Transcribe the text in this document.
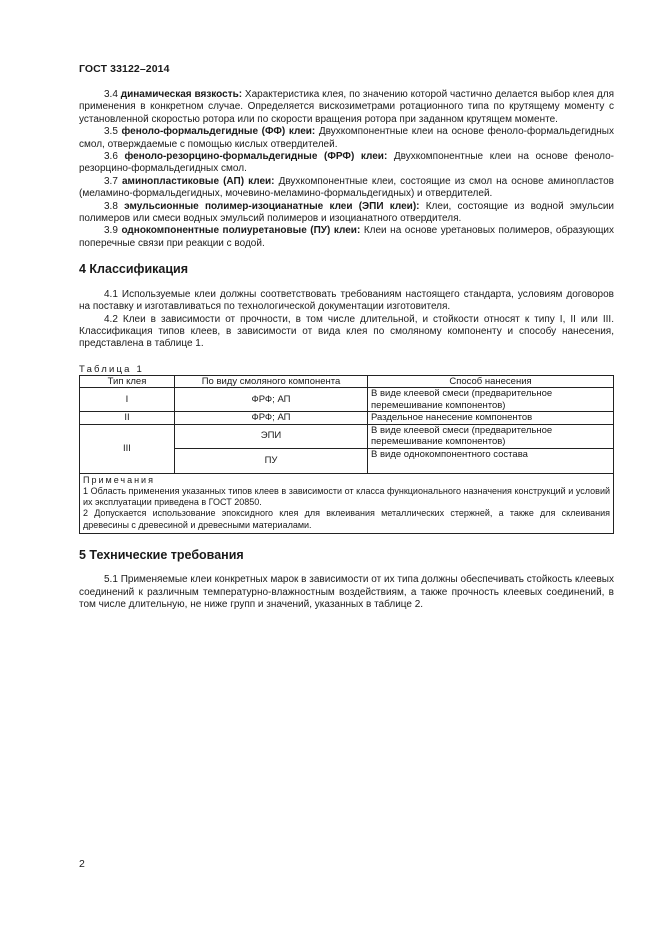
ГОСТ 33122–2014

3.4 динамическая вязкость: Характеристика клея, по значению которой частично делается выбор клея для применения в конкретном случае. Определяется вискозиметрами ротационного типа по крутящему моменту с установленной скоростью ротора или по скорости вращения ротора при заданном крутящем моменте.

3.5 феноло-формальдегидные (ФФ) клеи: Двухкомпонентные клеи на основе феноло-формальдегидных смол, отверждаемые с помощью кислых отвердителей.

3.6 феноло-резорцино-формальдегидные (ФРФ) клеи: Двухкомпонентные клеи на основе феноло- резорцино-формальдегидных смол.

3.7 аминопластиковые (АП) клеи: Двухкомпонентные клеи, состоящие из смол на основе аминопластов (меламино-формальдегидных, мочевино-меламино-формальдегидных) и отвердителей.

3.8 эмульсионные полимер-изоцианатные клеи (ЭПИ клеи): Клеи, состоящие из водной эмульсии полимеров или смеси водных эмульсий полимеров и изоцианатного отвердителя.

3.9 однокомпонентные полиуретановые (ПУ) клеи: Клеи на основе уретановых полимеров, образующих поперечные связи при реакции с водой.

4 Классификация

4.1 Используемые клеи должны соответствовать требованиям настоящего стандарта, условиям договоров на поставку и изготавливаться по технологической документации изготовителя.

4.2 Клеи в зависимости от прочности, в том числе длительной, и стойкости относят к типу I, II или III. Классификация типов клеев, в зависимости от вида клея по смоляному компоненту и способу нанесения, представлена в таблице 1.

Таблица 1
Тип клея	По виду смоляного компонента	Способ нанесения
I	ФРФ; АП	В виде клеевой смеси (предварительное перемешивание компонентов)
II	ФРФ; АП	Раздельное нанесение компонентов
III	ЭПИ	В виде клеевой смеси (предварительное перемешивание компонентов)
	ПУ	В виде однокомпонентного состава

Примечания
1 Область применения указанных типов клеев в зависимости от класса функционального назначения конструкций и условий их эксплуатации приведена в ГОСТ 20850.
2 Допускается использование эпоксидного клея для вклеивания металлических стержней, а также для склеивания древесины с древесиной и древесными материалами.		
5 Технические требования

5.1 Применяемые клеи конкретных марок в зависимости от их типа должны обеспечивать стойкость клеевых соединений к различным температурно-влажностным воздействиям, а также прочность клеевых соединений, в том числе длительную, не ниже групп и значений, указанных в таблице 2.

2
